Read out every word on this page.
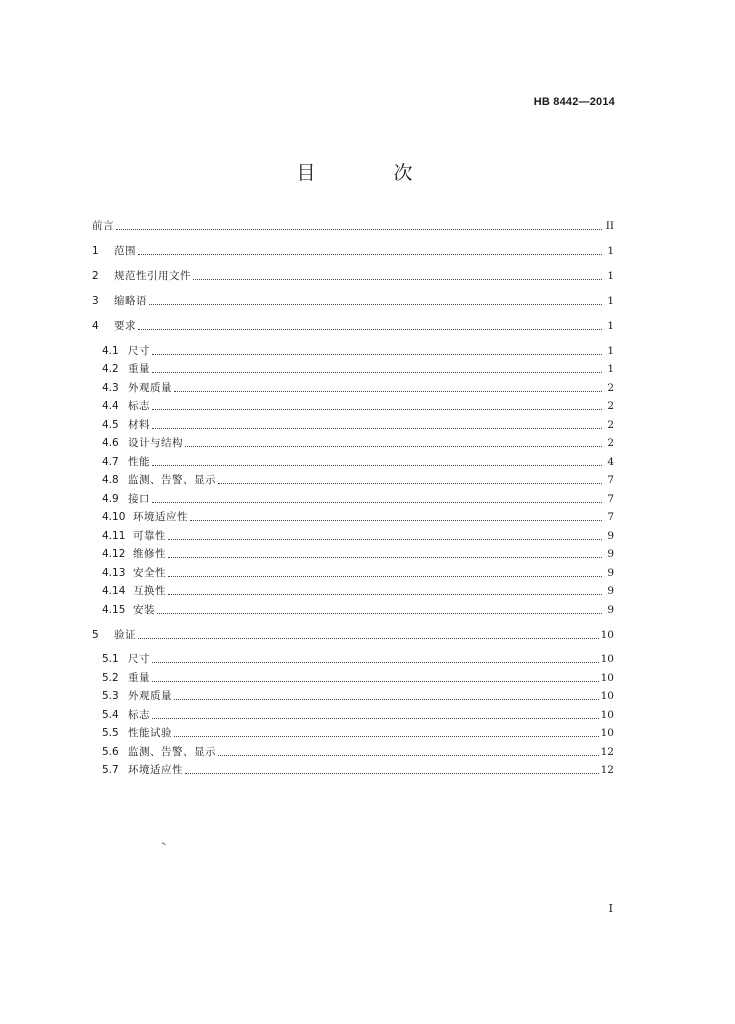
HB 8442—2014
目 次
前言	II
1	范围	1
2	规范性引用文件	1
3	缩略语	1
4	要求	1
4.1 尺寸	1
4.2 重量	1
4.3 外观质量	2
4.4 标志	2
4.5 材料	2
4.6 设计与结构	2
4.7 性能	4
4.8 监测、告警、显示	7
4.9 接口	7
4.10 环境适应性	7
4.11 可靠性	9
4.12 维修性	9
4.13 安全性	9
4.14 互换性	9
4.15 安装	9
5	验证	10
5.1 尺寸	10
5.2 重量	10
5.3 外观质量	10
5.4 标志	10
5.5 性能试验	10
5.6 监测、告警、显示	12
5.7 环境适应性	12
I
